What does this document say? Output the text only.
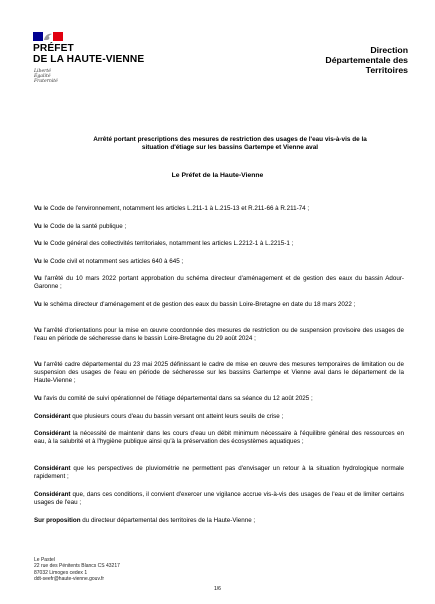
PRÉFET
DE LA HAUTE-VIENNE
Liberté
Égalité
Fraternité
Direction
Départementale des
Territoires
Arrêté portant prescriptions des mesures de restriction des usages de l'eau vis-à-vis de la
situation d'étiage sur les bassins Gartempe et Vienne aval
Le Préfet de la Haute-Vienne
Vu le Code de l'environnement, notamment les articles L.211-1 à L.215-13 et R.211-66 à R.211-74 ;
Vu le Code de la santé publique ;
Vu le Code général des collectivités territoriales, notamment les articles L.2212-1 à L.2215-1 ;
Vu le Code civil et notamment ses articles 640 à 645 ;
Vu l'arrêté du 10 mars 2022 portant approbation du schéma directeur d'aménagement et de gestion des eaux du bassin Adour-Garonne ;
Vu le schéma directeur d'aménagement et de gestion des eaux du bassin Loire-Bretagne en date du 18 mars 2022 ;
Vu l'arrêté d'orientations pour la mise en œuvre coordonnée des mesures de restriction ou de suspension provisoire des usages de l'eau en période de sécheresse dans le bassin Loire-Bretagne du 29 août 2024 ;
Vu l'arrêté cadre départemental du 23 mai 2025 définissant le cadre de mise en œuvre des mesures temporaires de limitation ou de suspension des usages de l'eau en période de sécheresse sur les bassins Gartempe et Vienne aval dans le département de la Haute-Vienne ;
Vu l'avis du comité de suivi opérationnel de l'étiage départemental dans sa séance du 12 août 2025 ;
Considérant que plusieurs cours d'eau du bassin versant ont atteint leurs seuils de crise ;
Considérant la nécessité de maintenir dans les cours d'eau un débit minimum nécessaire à l'équilibre général des ressources en eau, à la salubrité et à l'hygiène publique ainsi qu'à la préservation des écosystèmes aquatiques ;
Considérant que les perspectives de pluviométrie ne permettent pas d'envisager un retour à la situation hydrologique normale rapidement ;
Considérant que, dans ces conditions, il convient d'exercer une vigilance accrue vis-à-vis des usages de l'eau et de limiter certains usages de l'eau ;
Sur proposition du directeur départemental des territoires de la Haute-Vienne ;
Le Pastel
22 rue des Pénitents Blancs CS 43217
87032 Limoges cedex 1
ddt-seefr@haute-vienne.gouv.fr
1/6
